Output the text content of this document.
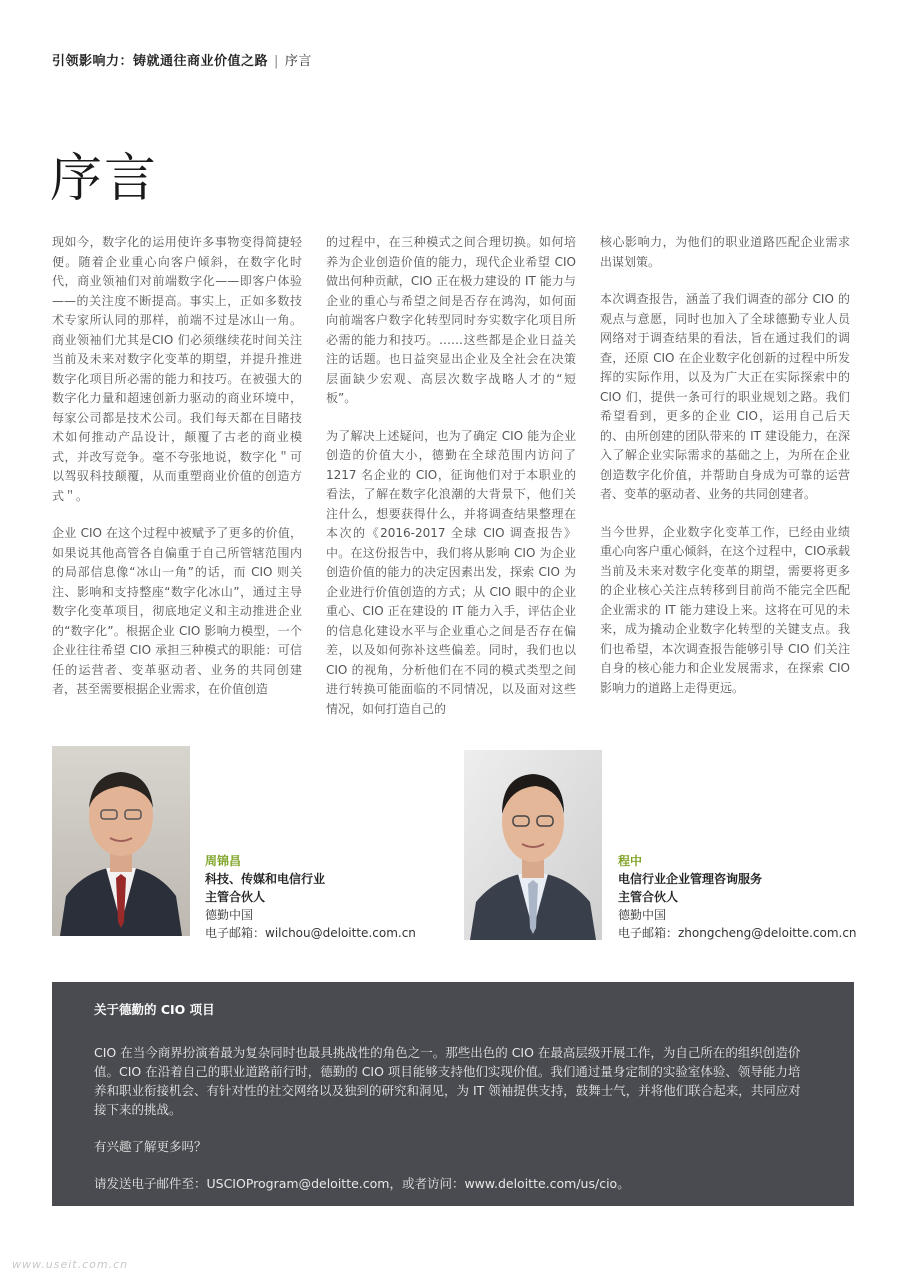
引领影响力：铸就通往商业价值之路 | 序言
序言

现如今，数字化的运用使许多事物变得简捷轻便。随着企业重心向客户倾斜，在数字化时代，商业领袖们对前端数字化——即客户体验——的关注度不断提高。事实上，正如多数技术专家所认同的那样，前端不过是冰山一角。商业领袖们尤其是CIO 们必须继续花时间关注当前及未来对数字化变革的期望，并提升推进数字化项目所必需的能力和技巧。在被强大的数字化力量和超速创新力驱动的商业环境中，每家公司都是技术公司。我们每天都在目睹技术如何推动产品设计，颠覆了古老的商业模式，并改写竞争。毫不夸张地说，数字化＂可以驾驭科技颠覆，从而重塑商业价值的创造方式＂。

企业 CIO 在这个过程中被赋予了更多的价值，如果说其他高管各自偏重于自己所管辖范围内的局部信息像“冰山一角”的话，而 CIO 则关注、影响和支持整座“数字化冰山”，通过主导数字化变革项目，彻底地定义和主动推进企业的“数字化”。根据企业 CIO 影响力模型，一个企业往往希望 CIO 承担三种模式的职能：可信任的运营者、变革驱动者、业务的共同创建者，甚至需要根据企业需求，在价值创造

的过程中，在三种模式之间合理切换。如何培养为企业创造价值的能力，现代企业希望 CIO 做出何种贡献，CIO 正在极力建设的 IT 能力与企业的重心与希望之间是否存在鸿沟，如何面向前端客户数字化转型同时夯实数字化项目所必需的能力和技巧。……这些都是企业日益关注的话题。也日益突显出企业及全社会在决策层面缺少宏观、高层次数字战略人才的“短板”。

为了解决上述疑问，也为了确定 CIO 能为企业创造的价值大小，德勤在全球范围内访问了 1217 名企业的 CIO，征询他们对于本职业的看法，了解在数字化浪潮的大背景下，他们关注什么，想要获得什么，并将调查结果整理在本次的《2016-2017 全球 CIO 调查报告》中。在这份报告中，我们将从影响 CIO 为企业创造价值的能力的决定因素出发，探索 CIO 为企业进行价值创造的方式；从 CIO 眼中的企业重心、CIO 正在建设的 IT 能力入手，评估企业的信息化建设水平与企业重心之间是否存在偏差，以及如何弥补这些偏差。同时，我们也以 CIO 的视角，分析他们在不同的模式类型之间进行转换可能面临的不同情况，以及面对这些情况，如何打造自己的

核心影响力，为他们的职业道路匹配企业需求出谋划策。

本次调查报告，涵盖了我们调查的部分 CIO 的观点与意愿，同时也加入了全球德勤专业人员网络对于调查结果的看法，旨在通过我们的调查，还原 CIO 在企业数字化创新的过程中所发挥的实际作用，以及为广大正在实际探索中的 CIO 们，提供一条可行的职业规划之路。我们希望看到，更多的企业 CIO，运用自己后天的、由所创建的团队带来的 IT 建设能力，在深入了解企业实际需求的基础之上，为所在企业创造数字化价值，并帮助自身成为可靠的运营者、变革的驱动者、业务的共同创建者。

当今世界，企业数字化变革工作，已经由业绩重心向客户重心倾斜，在这个过程中，CIO承载当前及未来对数字化变革的期望，需要将更多的企业核心关注点转移到目前尚不能完全匹配企业需求的 IT 能力建设上来。这将在可见的未来，成为撬动企业数字化转型的关键支点。我们也希望，本次调查报告能够引导 CIO 们关注自身的核心能力和企业发展需求，在探索 CIO 影响力的道路上走得更远。

周锦昌
科技、传媒和电信行业
主管合伙人
德勤中国
电子邮箱：wilchou@deloitte.com.cn
程中
电信行业企业管理咨询服务
主管合伙人
德勤中国
电子邮箱：zhongcheng@deloitte.com.cn
关于德勤的 CIO 项目

CIO 在当今商界扮演着最为复杂同时也最具挑战性的角色之一。那些出色的 CIO 在最高层级开展工作，为自己所在的组织创造价值。CIO 在沿着自己的职业道路前行时，德勤的 CIO 项目能够支持他们实现价值。我们通过量身定制的实验室体验、领导能力培养和职业衔接机会、有针对性的社交网络以及独到的研究和洞见，为 IT 领袖提供支持，鼓舞士气，并将他们联合起来，共同应对接下来的挑战。

有兴趣了解更多吗？

请发送电子邮件至：USCIOProgram@deloitte.com，或者访问：www.deloitte.com/us/cio。

www.useit.com.cn
